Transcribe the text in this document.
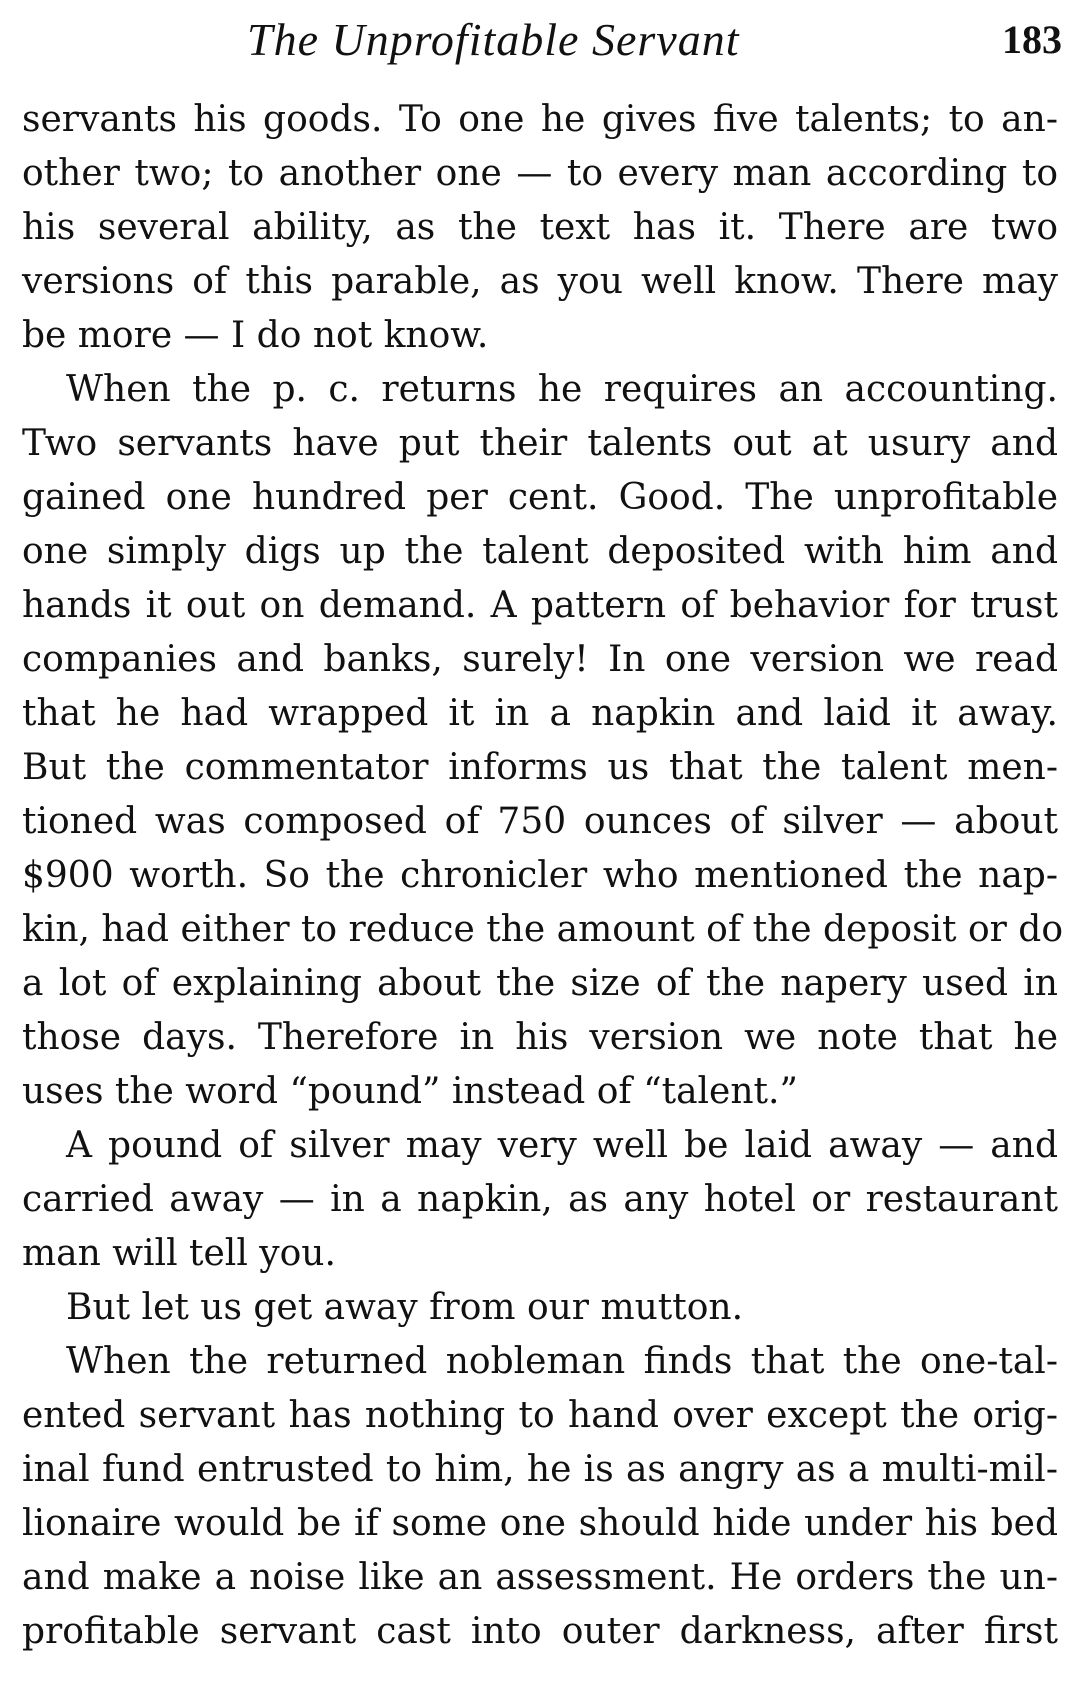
The Unprofitable Servant	183
servants his goods. To one he gives five talents; to an-
other two; to another one — to every man according to
his several ability, as the text has it. There are two
versions of this parable, as you well know. There may
be more — I do not know.
When the p. c. returns he requires an accounting.
Two servants have put their talents out at usury and
gained one hundred per cent. Good. The unprofitable
one simply digs up the talent deposited with him and
hands it out on demand. A pattern of behavior for trust
companies and banks, surely! In one version we read
that he had wrapped it in a napkin and laid it away.
But the commentator informs us that the talent men-
tioned was composed of 750 ounces of silver — about
$900 worth. So the chronicler who mentioned the nap-
kin, had either to reduce the amount of the deposit or do
a lot of explaining about the size of the napery used in
those days. Therefore in his version we note that he
uses the word “pound” instead of “talent.”
A pound of silver may very well be laid away — and
carried away — in a napkin, as any hotel or restaurant
man will tell you.
But let us get away from our mutton.
When the returned nobleman finds that the one-tal-
ented servant has nothing to hand over except the orig-
inal fund entrusted to him, he is as angry as a multi-mil-
lionaire would be if some one should hide under his bed
and make a noise like an assessment. He orders the un-
profitable servant cast into outer darkness, after first
